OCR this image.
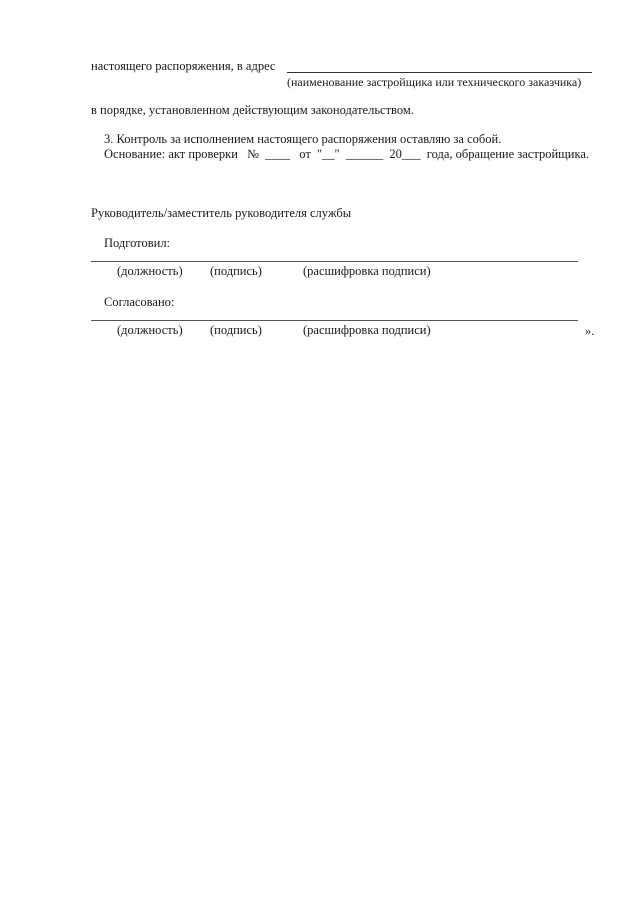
настоящего распоряжения, в адрес
(наименование застройщика или технического заказчика)
в порядке, установленном действующим законодательством.
3. Контроль за исполнением настоящего распоряжения оставляю за собой.
Основание: акт проверки № ____ от "__" ______ 20___ года, обращение застройщика.
Руководитель/заместитель руководителя службы
Подготовил:
(должность) (подпись)	(расшифровка подписи)
Согласовано:
(должность) (подпись)	(расшифровка подписи)	».
